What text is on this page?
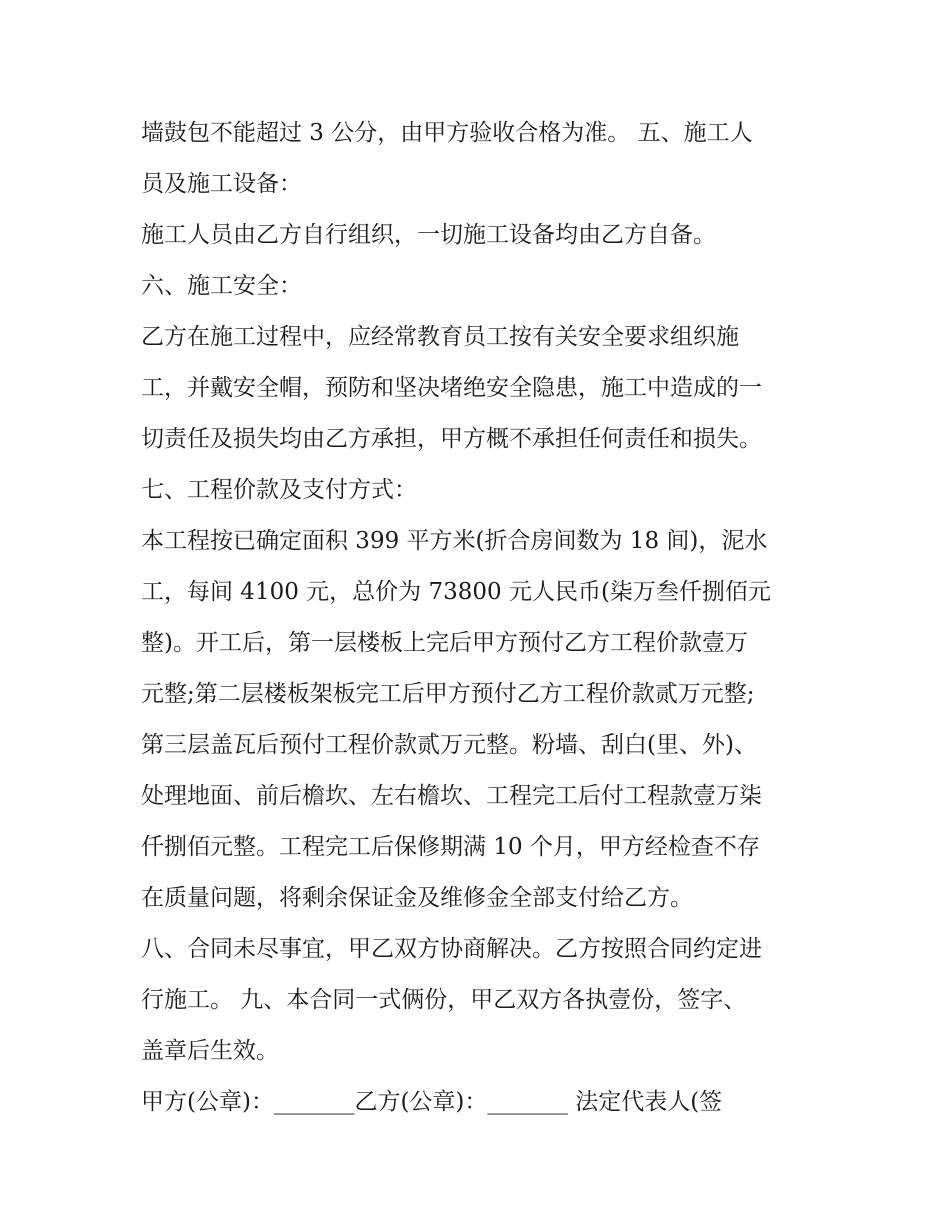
墙鼓包不能超过 3 公分，由甲方验收合格为准。 五、施工人
员及施工设备：
施工人员由乙方自行组织，一切施工设备均由乙方自备。
六、施工安全：
乙方在施工过程中，应经常教育员工按有关安全要求组织施
工，并戴安全帽，预防和坚决堵绝安全隐患，施工中造成的一
切责任及损失均由乙方承担，甲方概不承担任何责任和损失。
七、工程价款及支付方式：
本工程按已确定面积 399 平方米(折合房间数为 18 间)，泥水
工，每间 4100 元，总价为 73800 元人民币(柒万叁仟捌佰元
整)。开工后，第一层楼板上完后甲方预付乙方工程价款壹万
元整;第二层楼板架板完工后甲方预付乙方工程价款贰万元整;
第三层盖瓦后预付工程价款贰万元整。粉墙、刮白(里、外)、
处理地面、前后檐坎、左右檐坎、工程完工后付工程款壹万柒
仟捌佰元整。工程完工后保修期满 10 个月，甲方经检查不存
在质量问题，将剩余保证金及维修金全部支付给乙方。
八、合同未尽事宜，甲乙双方协商解决。乙方按照合同约定进
行施工。 九、本合同一式俩份，甲乙双方各执壹份，签字、
盖章后生效。
甲方(公章)：_______乙方(公章)：_______ 法定代表人(签
